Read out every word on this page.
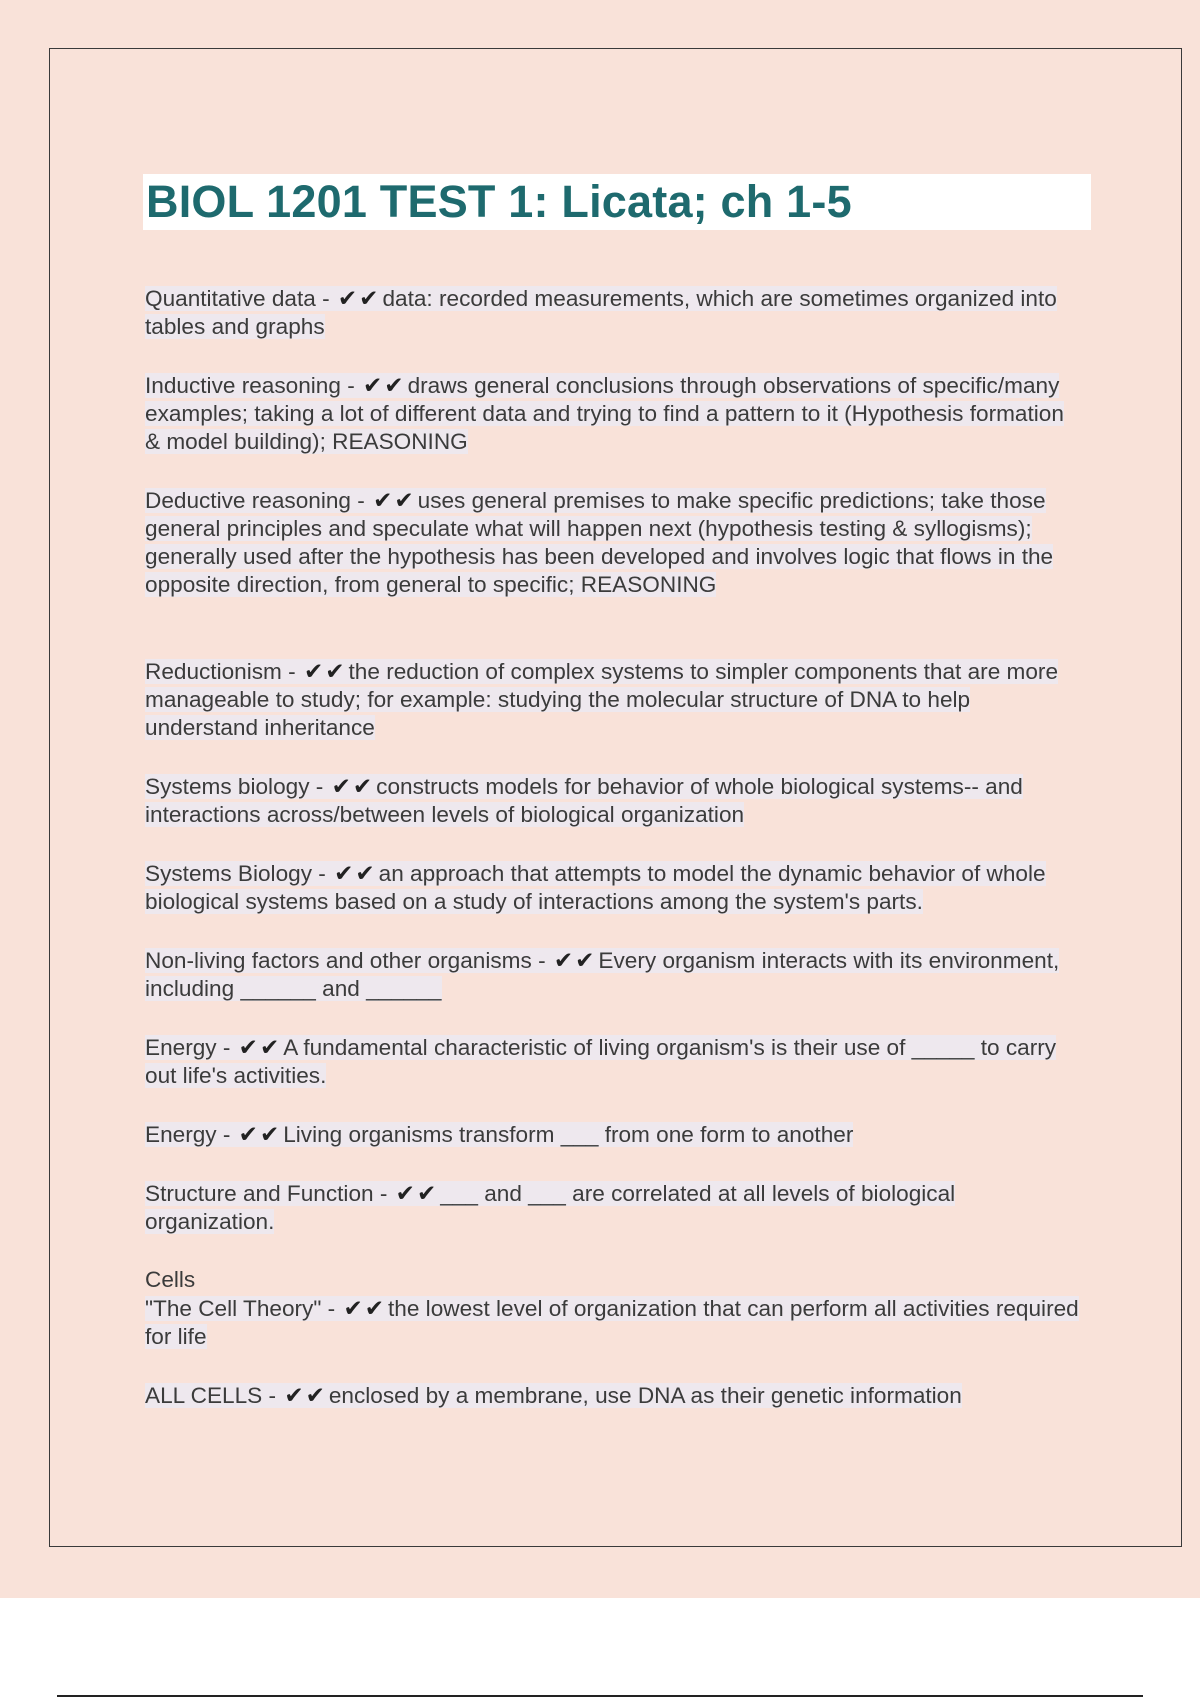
BIOL 1201 TEST 1: Licata; ch 1-5
Quantitative data - ✔✔data: recorded measurements, which are sometimes organized into tables and graphs
Inductive reasoning - ✔✔draws general conclusions through observations of specific/many examples; taking a lot of different data and trying to find a pattern to it (Hypothesis formation & model building); REASONING
Deductive reasoning - ✔✔uses general premises to make specific predictions; take those general principles and speculate what will happen next (hypothesis testing & syllogisms); generally used after the hypothesis has been developed and involves logic that flows in the opposite direction, from general to specific; REASONING
Reductionism - ✔✔the reduction of complex systems to simpler components that are more manageable to study; for example: studying the molecular structure of DNA to help understand inheritance
Systems biology - ✔✔constructs models for behavior of whole biological systems-- and interactions across/between levels of biological organization
Systems Biology - ✔✔an approach that attempts to model the dynamic behavior of whole biological systems based on a study of interactions among the system's parts.
Non-living factors and other organisms - ✔✔Every organism interacts with its environment, including ______ and ______
Energy - ✔✔A fundamental characteristic of living organism's is their use of _____ to carry out life's activities.
Energy - ✔✔Living organisms transform ___ from one form to another
Structure and Function - ✔✔___ and ___ are correlated at all levels of biological organization.
Cells
"The Cell Theory" - ✔✔the lowest level of organization that can perform all activities required for life
ALL CELLS - ✔✔enclosed by a membrane, use DNA as their genetic information
